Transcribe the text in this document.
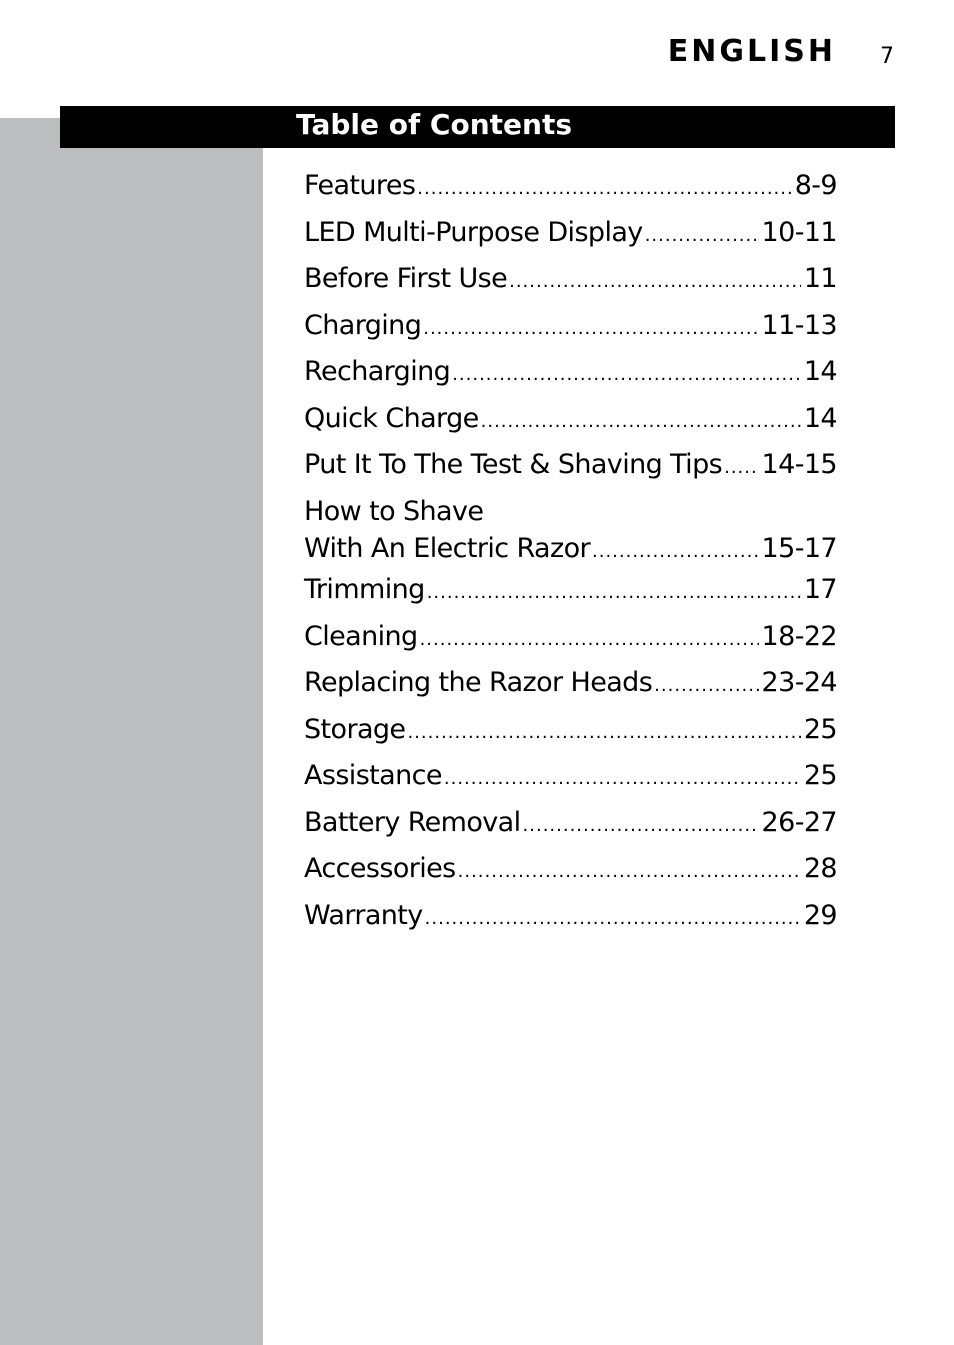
ENGLISH 7
Table of Contents
Features .....	8-9
LED Multi-Purpose Display .....	10-11
Before First Use .....	11
Charging .....	11-13
Recharging .....	14
Quick Charge .....	14
Put It To The Test & Shaving Tips ..... 14-15
How to Shave
With An Electric Razor .....	15-17
Trimming .....	17
Cleaning .....	18-22
Replacing the Razor Heads .....	23-24
Storage .....	25
Assistance .....	25
Battery Removal .....	26-27
Accessories .....	28
Warranty .....	29
